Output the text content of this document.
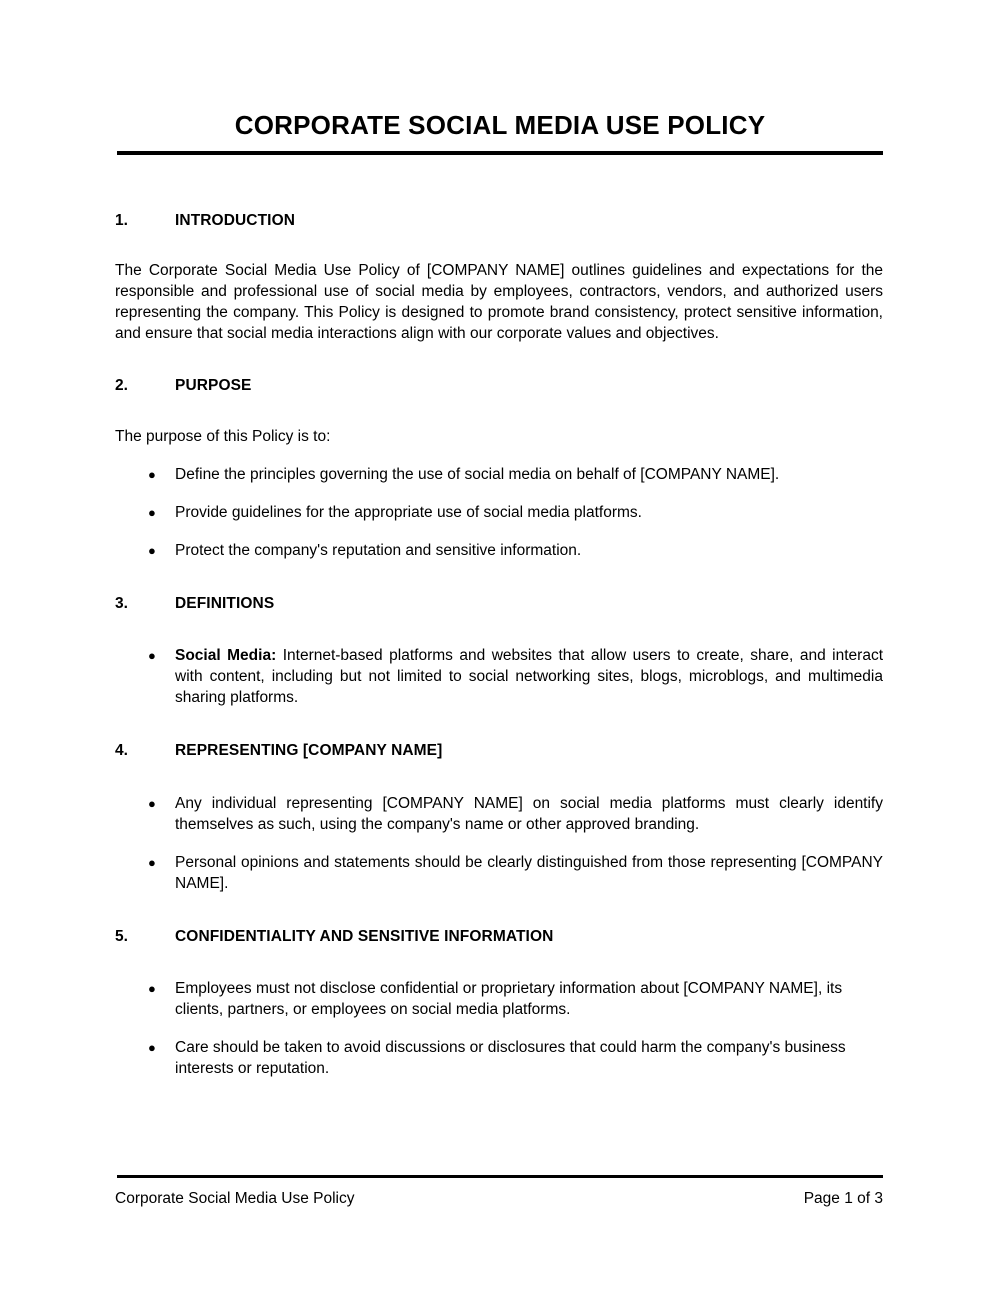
CORPORATE SOCIAL MEDIA USE POLICY
1.	INTRODUCTION

The Corporate Social Media Use Policy of [COMPANY NAME] outlines guidelines and expectations for the responsible and professional use of social media by employees, contractors, vendors, and authorized users representing the company. This Policy is designed to promote brand consistency, protect sensitive information, and ensure that social media interactions align with our corporate values and objectives.

2.	PURPOSE

The purpose of this Policy is to:

● Define the principles governing the use of social media on behalf of [COMPANY NAME].
● Provide guidelines for the appropriate use of social media platforms.
● Protect the company's reputation and sensitive information.
3.	DEFINITIONS
● Social Media: Internet-based platforms and websites that allow users to create, share, and interact with content, including but not limited to social networking sites, blogs, microblogs, and multimedia sharing platforms.
4.	REPRESENTING [COMPANY NAME]
● Any individual representing [COMPANY NAME] on social media platforms must clearly identify themselves as such, using the company's name or other approved branding.
● Personal opinions and statements should be clearly distinguished from those representing [COMPANY NAME].
5.	CONFIDENTIALITY AND SENSITIVE INFORMATION
● Employees must not disclose confidential or proprietary information about [COMPANY NAME], its clients, partners, or employees on social media platforms.
● Care should be taken to avoid discussions or disclosures that could harm the company's business interests or reputation.
Corporate Social Media Use Policy	Page 1 of 3
